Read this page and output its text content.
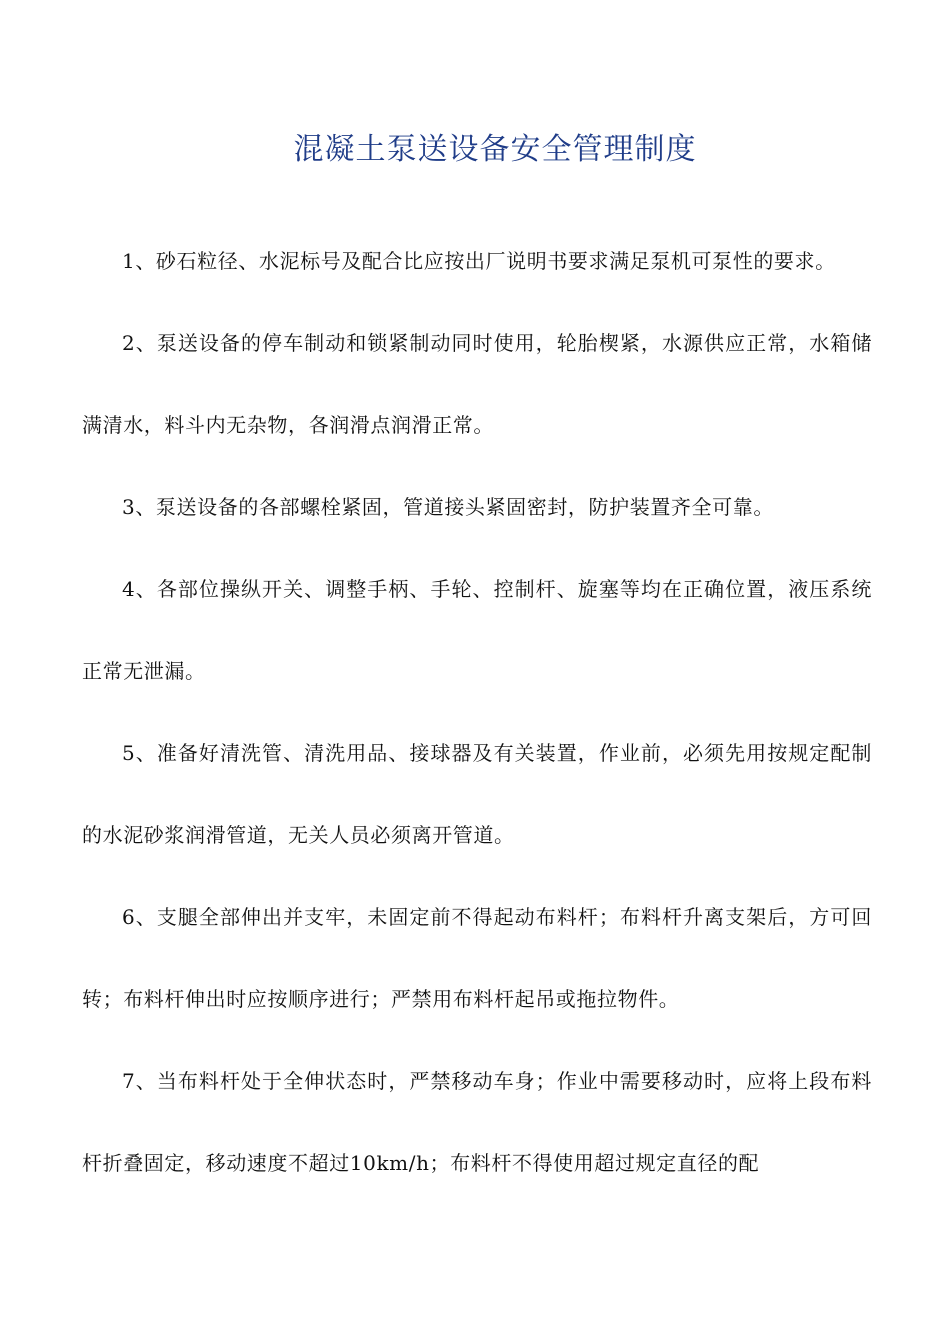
混凝土泵送设备安全管理制度

1、砂石粒径、水泥标号及配合比应按出厂说明书要求满足泵机可泵性的要求。

2、泵送设备的停车制动和锁紧制动同时使用，轮胎楔紧，水源供应正常，水箱储满清水，料斗内无杂物，各润滑点润滑正常。

3、泵送设备的各部螺栓紧固，管道接头紧固密封，防护装置齐全可靠。

4、各部位操纵开关、调整手柄、手轮、控制杆、旋塞等均在正确位置，液压系统正常无泄漏。

5、准备好清洗管、清洗用品、接球器及有关装置，作业前，必须先用按规定配制的水泥砂浆润滑管道，无关人员必须离开管道。

6、支腿全部伸出并支牢，未固定前不得起动布料杆；布料杆升离支架后，方可回转；布料杆伸出时应按顺序进行；严禁用布料杆起吊或拖拉物件。

7、当布料杆处于全伸状态时，严禁移动车身；作业中需要移动时，应将上段布料杆折叠固定，移动速度不超过10km/h；布料杆不得使用超过规定直径的配
